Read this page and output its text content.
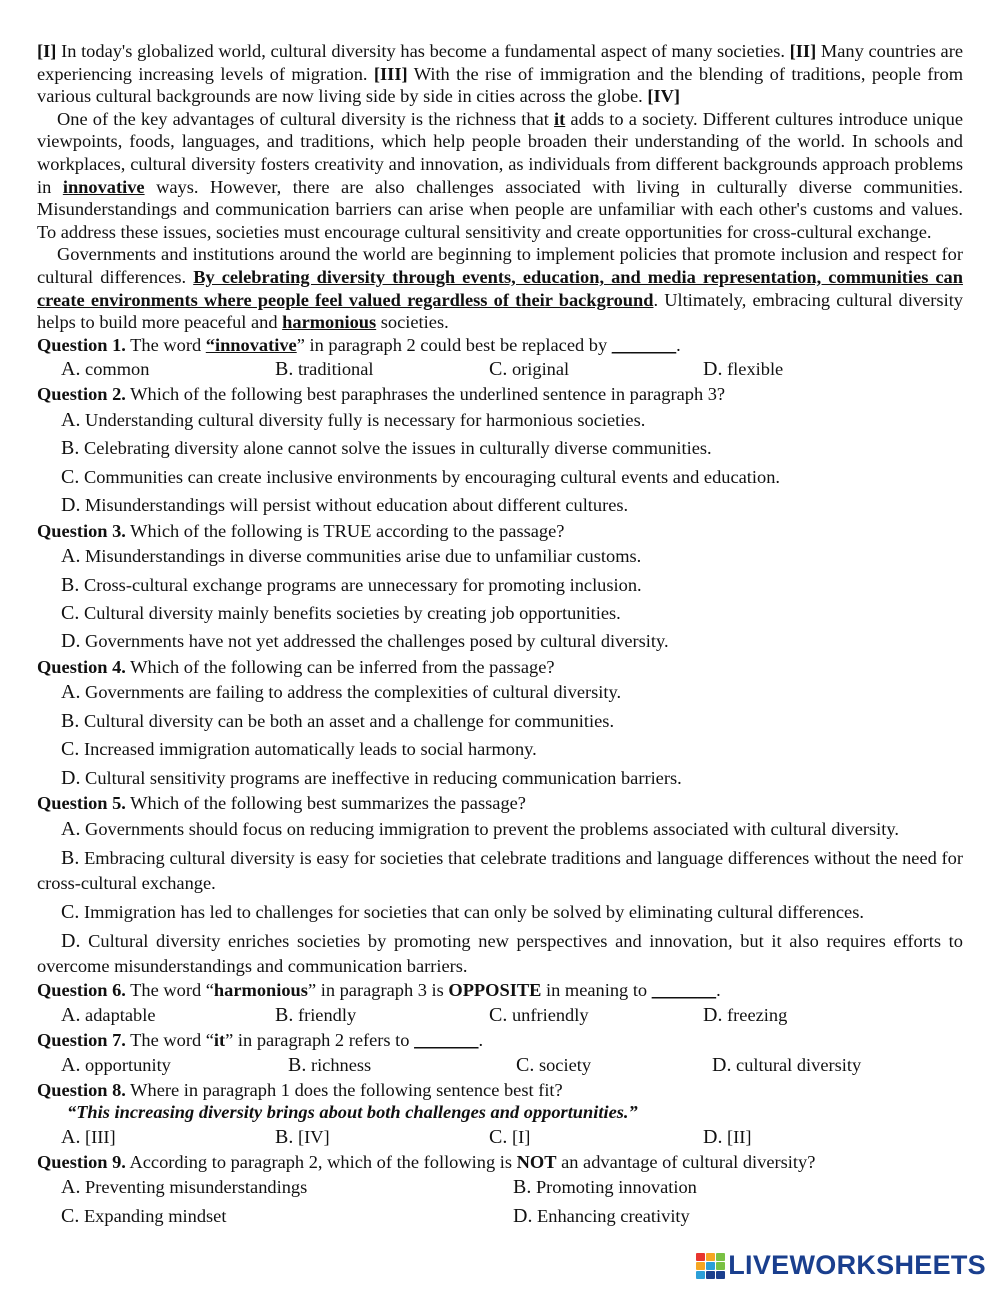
[I] In today's globalized world, cultural diversity has become a fundamental aspect of many societies. [II] Many countries are experiencing increasing levels of migration. [III] With the rise of immigration and the blending of traditions, people from various cultural backgrounds are now living side by side in cities across the globe. [IV]

One of the key advantages of cultural diversity is the richness that it adds to a society. Different cultures introduce unique viewpoints, foods, languages, and traditions, which help people broaden their understanding of the world. In schools and workplaces, cultural diversity fosters creativity and innovation, as individuals from different backgrounds approach problems in innovative ways. However, there are also challenges associated with living in culturally diverse communities. Misunderstandings and communication barriers can arise when people are unfamiliar with each other's customs and values. To address these issues, societies must encourage cultural sensitivity and create opportunities for cross-cultural exchange.

Governments and institutions around the world are beginning to implement policies that promote inclusion and respect for cultural differences. By celebrating diversity through events, education, and media representation, communities can create environments where people feel valued regardless of their background. Ultimately, embracing cultural diversity helps to build more peaceful and harmonious societies.

Question 1. The word “innovative” in paragraph 2 could best be replaced by _______.
A. common	B. traditional	C. original	D. flexible
Question 2. Which of the following best paraphrases the underlined sentence in paragraph 3?
A. Understanding cultural diversity fully is necessary for harmonious societies.
B. Celebrating diversity alone cannot solve the issues in culturally diverse communities.
C. Communities can create inclusive environments by encouraging cultural events and education.
D. Misunderstandings will persist without education about different cultures.
Question 3. Which of the following is TRUE according to the passage?
A. Misunderstandings in diverse communities arise due to unfamiliar customs.
B. Cross-cultural exchange programs are unnecessary for promoting inclusion.
C. Cultural diversity mainly benefits societies by creating job opportunities.
D. Governments have not yet addressed the challenges posed by cultural diversity.
Question 4. Which of the following can be inferred from the passage?
A. Governments are failing to address the complexities of cultural diversity.
B. Cultural diversity can be both an asset and a challenge for communities.
C. Increased immigration automatically leads to social harmony.
D. Cultural sensitivity programs are ineffective in reducing communication barriers.
Question 5. Which of the following best summarizes the passage?
A. Governments should focus on reducing immigration to prevent the problems associated with cultural diversity.
B. Embracing cultural diversity is easy for societies that celebrate traditions and language differences without the need for cross-cultural exchange.
C. Immigration has led to challenges for societies that can only be solved by eliminating cultural differences.
D. Cultural diversity enriches societies by promoting new perspectives and innovation, but it also requires efforts to overcome misunderstandings and communication barriers.
Question 6. The word “harmonious” in paragraph 3 is OPPOSITE in meaning to _______.
A. adaptable	B. friendly	C. unfriendly	D. freezing
Question 7. The word “it” in paragraph 2 refers to _______.
A. opportunity	B. richness	C. society	D. cultural diversity
Question 8. Where in paragraph 1 does the following sentence best fit?
“This increasing diversity brings about both challenges and opportunities.”
A. [III]	B. [IV]	C. [I]	D. [II]
Question 9. According to paragraph 2, which of the following is NOT an advantage of cultural diversity?
A. Preventing misunderstandings	B. Promoting innovation
C. Expanding mindset	D. Enhancing creativity
LIVEWORKSHEETS
